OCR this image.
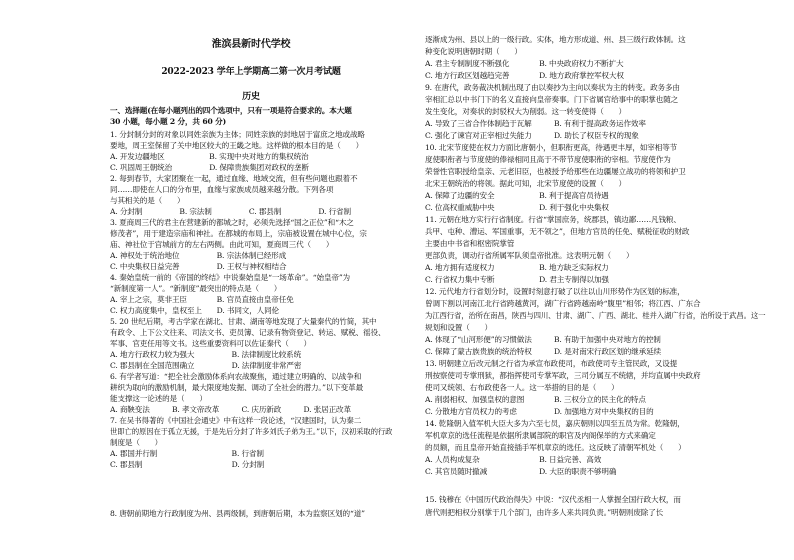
淮滨县新时代学校
2022-2023 学年上学期高二第一次月考试题
历史
一、选择题(在每小题列出的四个选项中，只有一项是符合要求的。本大题
30 小题，每小题 2 分，共 60 分)
1. 分封制分封的对象以同姓亲族为主体；同姓亲族的封地居于富庶之地或战略
要地，周王室保留了关中地区较大的王畿之地。这样做的根本目的是（　　）
A. 开发边疆地区　　　　　　B. 实现中央对地方的集权统治
C. 巩固周王朝统治　　　　　D. 保障贵族集团对政权的垄断
2. 每到春节，大家团聚在一起，通过血缘、地域交流，但有些问题也跟着不
同……即使在人口的分布里，血缘与家族成员越来越分散。下列各项
与其相关的是（　　）
A. 分封制　　　　　B. 宗法制　　　　　C. 郡县制　　　　　D. 行省制
3. 夏商周三代的君主在营建新的都城之时，必须先选择“国之正位”和“木之
修茂者”，用于建造宗庙和神社。在都城的布局上，宗庙被设置在城中心位，宗
庙、神社位于宫城前方的左右两侧。由此可知，夏商周三代（　　）
A. 神权处于统治地位　　　　　B. 宗法体制已经形成
C. 中央集权日益完善　　　　　D. 王权与神权相结合
4. 秦始皇统一前的《帝国的终结》中说秦始皇是“一场革命”。“始皇帝”为
“新制度第一人”。“新制度”最突出的特点是（　　）
A. 宰上之宗，莫非王臣　　　　B. 官员直接由皇帝任免
C. 权力高度集中，皇权至上　　D. 书同文，人同伦
5. 20 世纪后期，考古学家在湖北、甘肃、湖南等地发现了大量秦代的竹简，其中
有政令、上下公文往来、司法文书、吏员簿、记录有物资登记、转运、赋税、徭役、
军事、官吏任用等文书。这些重要资料可以佐证秦代（　　）
A. 地方行政权力较为强大　　　　　B. 法律制度比较系统
C. 郡县制在全国范围确立　　　　　D. 法律制度非常严密
6. 有学者写道：“把全社会激励体系向农战聚焦，通过建立明确的、以战争和
耕织为取向的激励机制，最大限度地发掘、调动了全社会的潜力。”以下变革最
能支撑这一论述的是（　　）
A. 商鞅变法　　　B. 孝文帝改革　　　C. 庆历新政　　　D. 张居正改革
7. 在吴书得著的《中国社会通史》中有这样一段论述，“汉建国时，认为秦二
世即亡的原因在于孤立无援，于是先后分封了许多刘氏子弟为王。”以下，汉初采取的行政
制度是（　　）
A. 郡国并行制　　　　　　　　　　B. 行省制
C. 郡县制　　　　　　　　　　　　D. 分封制
8. 唐朝前期地方行政制度为州、县两级制，到唐朝后期，本为监察区划的“道”
逐渐成为州、县以上的一级行政。实体，地方形成道、州、县三级行政体制。这
种变化说明唐朝时期（　　）
A. 君主专制制度不断强化　　　　B. 中央政府权力不断扩大
C. 地方行政区划越趋完善　　　　D. 地方政府掌控军权大权
9. 在唐代，政务裁决机制出现了由以奏抄为主向以奏状为主的转变。政务多由
宰相汇总以中书门下的名义直接向皇帝奏事。门下省属官给事中的职掌也随之
发生变化，对奏状的封驳权大为削弱。这一转变使得（　　）
A. 导致了三省合作体制趋于瓦解　　　B. 有利于提高政务运作效率
C. 强化了谏官对正宰相过失能力　　　D. 助长了权臣专权的现象
10. 北宋节度使在权力方面比唐朝小，但职衔更高，待遇更丰厚，如宰相等节
度使职衔者与节度使的俸禄相同且高于不带节度使职衔的宰相。节度使作为
荣誉性官职授给皇亲、元老旧臣，也被授予给那些在边疆屡立战功的将领和护卫
北宋王朝统治的将领。据此可知，北宋节度使的设置（　　）
A. 保障了边疆的安全　　　　　　B. 利于提高官员待遇
C. 位高权重威胁中央　　　　　　D. 利于强化中央集权
11. 元朝在地方实行行省制度。行省“掌国庶务，统郡县，镇边鄙……凡钱粮、
兵甲、屯种、漕运、军国重事，无不领之”，但地方官员的任免、赋税征收的财政
主要由中书省和枢密院掌管
更部负责，调动行省所属军队须皇帝批准。这表明元朝（　　）
A. 地方拥有适度权力　　　　　　B. 地方缺乏实际权力
C. 行省权力集中专断　　　　　　D. 君主专制得以加强
12. 元代地方行省划分时，设置时刻意打破了以往以山川形势作为区划的标准，
曾调下割以河南江北行省跨越黄河，湖广行省跨越南岭“腹里”相邻；将江西、广东合
为江西行省，治所在南昌，陕西与四川、甘肃、湖广、广西、湖北、桂并入湖广行省，治所设于武昌。这一
规划和设置（　　）
A. 体现了“山河形便”的习惯做法　　　B. 有助于加强中央对地方的控制
C. 保障了蒙古族贵族的统治特权　　　D. 是对南宋行政区划的继承延续
13. 明朝建立后改元制之行省为承宣布政使司，布政使司专主管民政，又设提
刑按察使司专掌刑狱，都指挥使司专掌军政，三司分属互不统辖，并均直属中央政府
使司又统领、右布政使各一人。这一举措的目的是（　　）
A. 削弱相权、加强皇权的意图　　　　B. 三权分立的民主化的特点
C. 分散地方官员权力的考虑　　　　　D. 加强地方对中央集权的目的
14. 乾隆朝入值军机大臣大多为六至七员，嘉庆朝则以四至五员为常。乾隆朝，
军机章京的选任流程是依据所隶属部院的职官及内阁保举的方式来确定
的员额，而且皇帝开始直接插手军机章京的选任。这反映了清朝军机处（　　）
A. 人员构成复杂　　　　　　　　B. 日益完善、高效
C. 其官员随时撤减　　　　　　　D. 大臣的职责不够明确
15. 钱穆在《中国历代政治得失》中说：“汉代丞相一人掌握全国行政大权，而
唐代则把相权分别掌于几个部门，由许多人来共同负责。”明朝则废除了长
